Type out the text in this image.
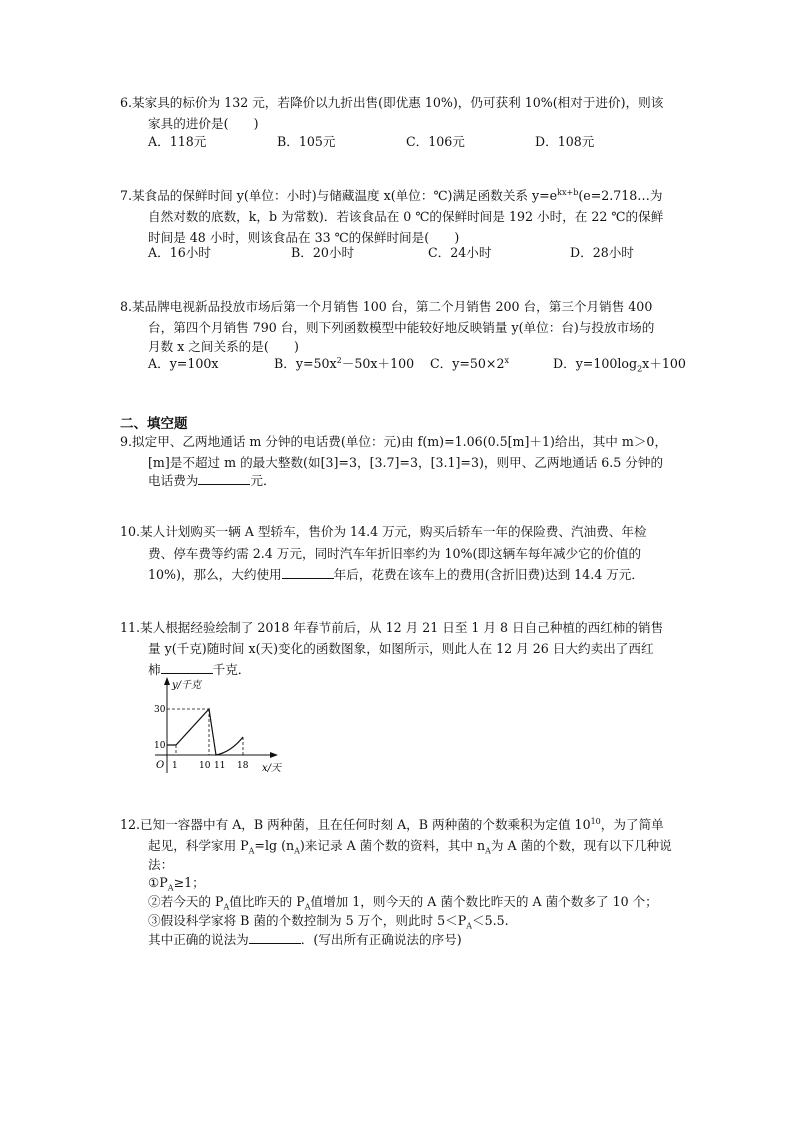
6.某家具的标价为 132 元，若降价以九折出售(即优惠 10%)，仍可获利 10%(相对于进价)，则该
家具的进价是(　　)
A．118元	B．105元	C．106元	D．108元
7.某食品的保鲜时间 y(单位：小时)与储藏温度 x(单位：℃)满足函数关系 $y=e^{kx+b}(e=2.718\dots$为
自然对数的底数，k，b 为常数)．若该食品在 0 ℃的保鲜时间是 192 小时，在 22 ℃的保鲜
时间是 48 小时，则该食品在 33 ℃的保鲜时间是(　　)
A．16小时	B．20小时	C．24小时	D．28小时
8.某品牌电视新品投放市场后第一个月销售 100 台，第二个月销售 200 台，第三个月销售 400
台，第四个月销售 790 台，则下列函数模型中能较好地反映销量 y(单位：台)与投放市场的
月数 x 之间关系的是(　　)
A．y=100x	B．$y=50x^2-50x+100$ C．$y=50\times 2^x$	D．$y=100\log_2x+100$
二、填空题
9.拟定甲、乙两地通话 m 分钟的电话费(单位：元)由 f(m)=1.06(0.5[m]＋1)给出，其中 m＞0，
[m]是不超过 m 的最大整数(如[3]=3，[3.7]=3，[3.1]=3)，则甲、乙两地通话 6.5 分钟的
电话费为	元．
10.某人计划购买一辆 A 型轿车，售价为 14.4 万元，购买后轿车一年的保险费、汽油费、年检
费、停车费等约需 2.4 万元，同时汽车年折旧率约为 10%(即这辆车每年减少它的价值的
10%)，那么，大约使用	年后，花费在该车上的费用(含折旧费)达到 14.4 万元．
11.某人根据经验绘制了 2018 年春节前后，从 12 月 21 日至 1 月 8 日自己种植的西红柿的销售
量 y(千克)随时间 x(天)变化的函数图象，如图所示，则此人在 12 月 26 日大约卖出了西红
柿	千克．
y/千克
x/天
O 1 10 11 18
10
30
12.已知一容器中有 A，B 两种菌，且在任何时刻 A，B 两种菌的个数乘积为定值 $10^{10}$，为了简单
起见，科学家用 $P_A=\lg$ $(n_A)$来记录 A 菌个数的资料，其中 $n_A$为 A 菌的个数，现有以下几种说
法：
$①P_A\ge 1$；
②若今天的 $P_A$值比昨天的 $P_A$值增加 1，则今天的 A 菌个数比昨天的 A 菌个数多了 10 个；
③假设科学家将 B 菌的个数控制为 5 万个，则此时 $5<P_A<5.5$.
其中正确的说法为	．(写出所有正确说法的序号)
